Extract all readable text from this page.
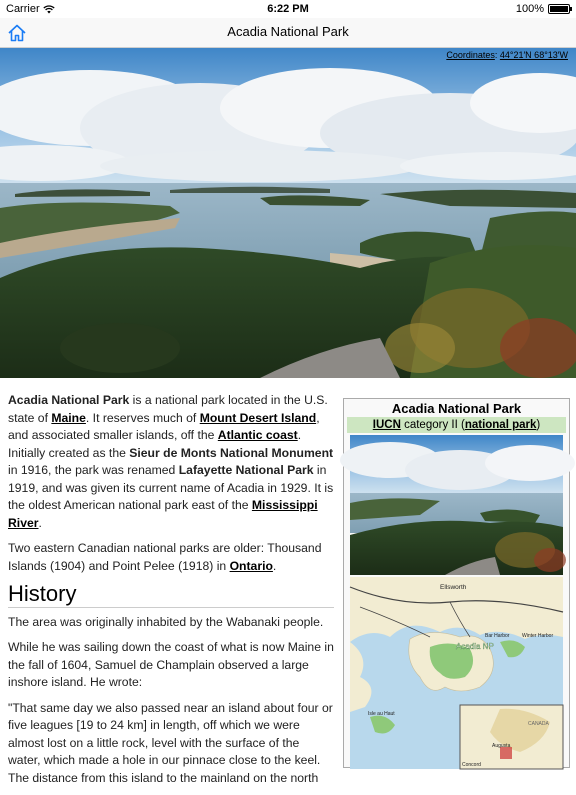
Carrier	6:22 PM	100%
Acadia National Park
Coordinates: 44°21′N 68°13′W

Acadia National Park is a national park located in the U.S. state of Maine. It reserves much of Mount Desert Island, and associated smaller islands, off the Atlantic coast. Initially created as the Sieur de Monts National Monument in 1916, the park was renamed Lafayette National Park in 1919, and was given its current name of Acadia in 1929. It is the oldest American national park east of the Mississippi River.

Two eastern Canadian national parks are older: Thousand Islands (1904) and Point Pelee (1918) in Ontario.

History

The area was originally inhabited by the Wabanaki people.

While he was sailing down the coast of what is now Maine in the fall of 1604, Samuel de Champlain observed a large inshore island. He wrote:

"That same day we also passed near an island about four or five leagues [19 to 24 km] in length, off which we were almost lost on a little rock, level with the surface of the water, which made a hole in our pinnace close to the keel. The distance from this island to the mainland on the north

Acadia National Park
IUCN category II (national park)
Ellsworth
Bar Harbor	Winter Harbor
Acadia NP
Isle au Haut
CANADA
Augusta
Concord
